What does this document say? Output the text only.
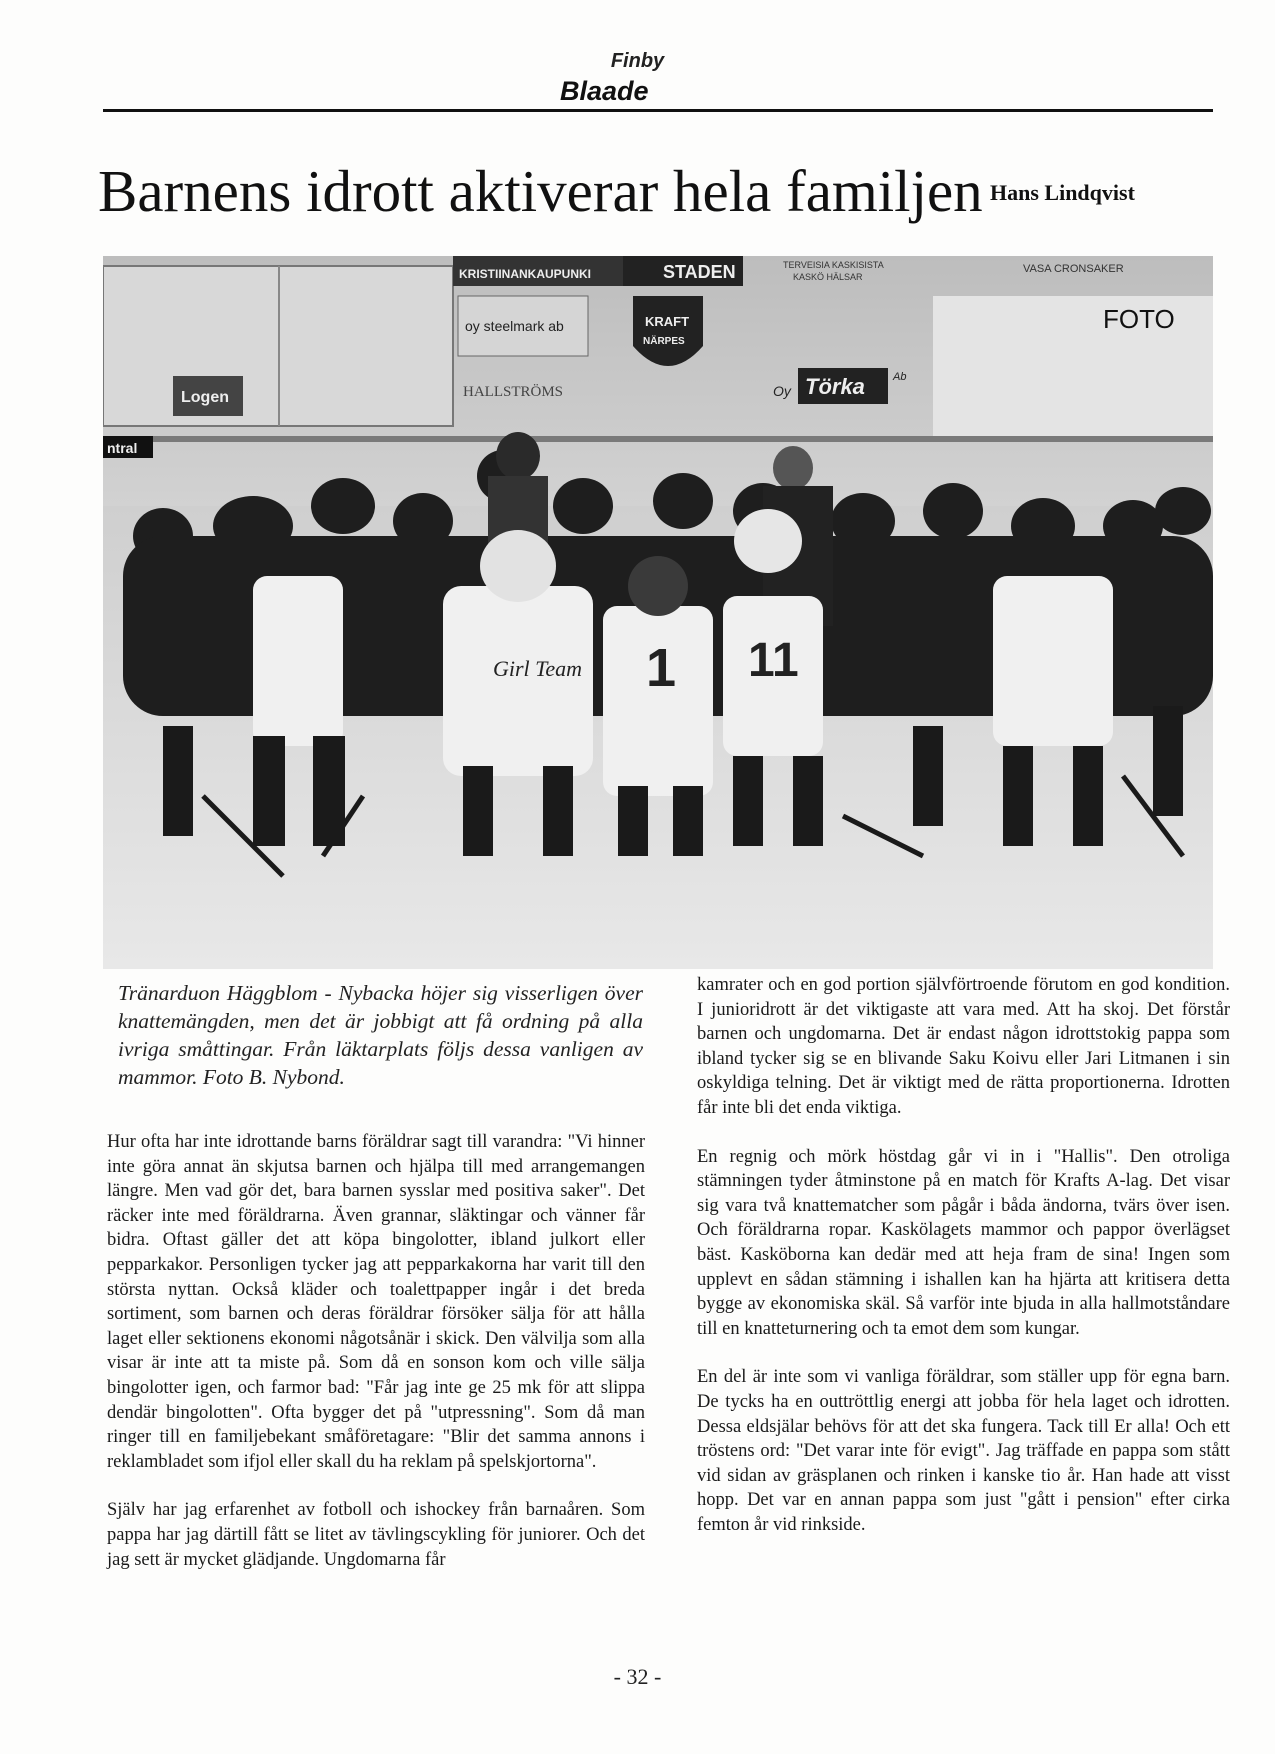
Finby
Blaade
Barnens idrott aktiverar hela familjen Hans Lindqvist
KRISTIINANKAUPUNKI	STADEN	TERVEISIA KASKISISTA
KASKÖ HÄLSAR
VASA CRONSAKER
FOTO
oy steelmark ab
Logen	HALLSTRÖMS
KRAFT
NÄRPES
Oy Törka	Ab
ntral
Girl Team	11
1

Tränarduon Häggblom - Nybacka höjer sig visserligen över knattemängden, men det är jobbigt att få ordning på alla ivriga småttingar. Från läktarplats följs dessa vanligen av mammor. Foto B. Nybond.

Hur ofta har inte idrottande barns föräldrar sagt till varandra: "Vi hinner inte göra annat än skjutsa barnen och hjälpa till med arrangemangen längre. Men vad gör det, bara barnen sysslar med positiva saker". Det räcker inte med föräldrarna. Även grannar, släktingar och vänner får bidra. Oftast gäller det att köpa bingolotter, ibland julkort eller pepparkakor. Personligen tycker jag att pepparkakorna har varit till den största nyttan. Också kläder och toalettpapper ingår i det breda sortiment, som barnen och deras föräldrar försöker sälja för att hålla laget eller sektionens ekonomi någotsånär i skick. Den välvilja som alla visar är inte att ta miste på. Som då en sonson kom och ville sälja bingolotter igen, och farmor bad: "Får jag inte ge 25 mk för att slippa dendär bingolotten". Ofta bygger det på "utpressning". Som då man ringer till en familjebekant småföretagare: "Blir det samma annons i reklambladet som ifjol eller skall du ha reklam på spelskjortorna".

Själv har jag erfarenhet av fotboll och ishockey från barnaåren. Som pappa har jag därtill fått se litet av tävlingscykling för juniorer. Och det jag sett är mycket glädjande. Ungdomarna får

kamrater och en god portion självförtroende förutom en god kondition. I junioridrott är det viktigaste att vara med. Att ha skoj. Det förstår barnen och ungdomarna. Det är endast någon idrottstokig pappa som ibland tycker sig se en blivande Saku Koivu eller Jari Litmanen i sin oskyldiga telning. Det är viktigt med de rätta proportionerna. Idrotten får inte bli det enda viktiga.

En regnig och mörk höstdag går vi in i "Hallis". Den otroliga stämningen tyder åtminstone på en match för Krafts A-lag. Det visar sig vara två knattematcher som pågår i båda ändorna, tvärs över isen. Och föräldrarna ropar. Kaskölagets mammor och pappor överlägset bäst. Kasköborna kan dedär med att heja fram de sina! Ingen som upplevt en sådan stämning i ishallen kan ha hjärta att kritisera detta bygge av ekonomiska skäl. Så varför inte bjuda in alla hallmotståndare till en knatteturnering och ta emot dem som kungar.

En del är inte som vi vanliga föräldrar, som ställer upp för egna barn. De tycks ha en outtröttlig energi att jobba för hela laget och idrotten. Dessa eldsjälar behövs för att det ska fungera. Tack till Er alla! Och ett tröstens ord: "Det varar inte för evigt". Jag träffade en pappa som stått vid sidan av gräsplanen och rinken i kanske tio år. Han hade att visst hopp. Det var en annan pappa som just "gått i pension" efter cirka femton år vid rinkside.

- 32 -
